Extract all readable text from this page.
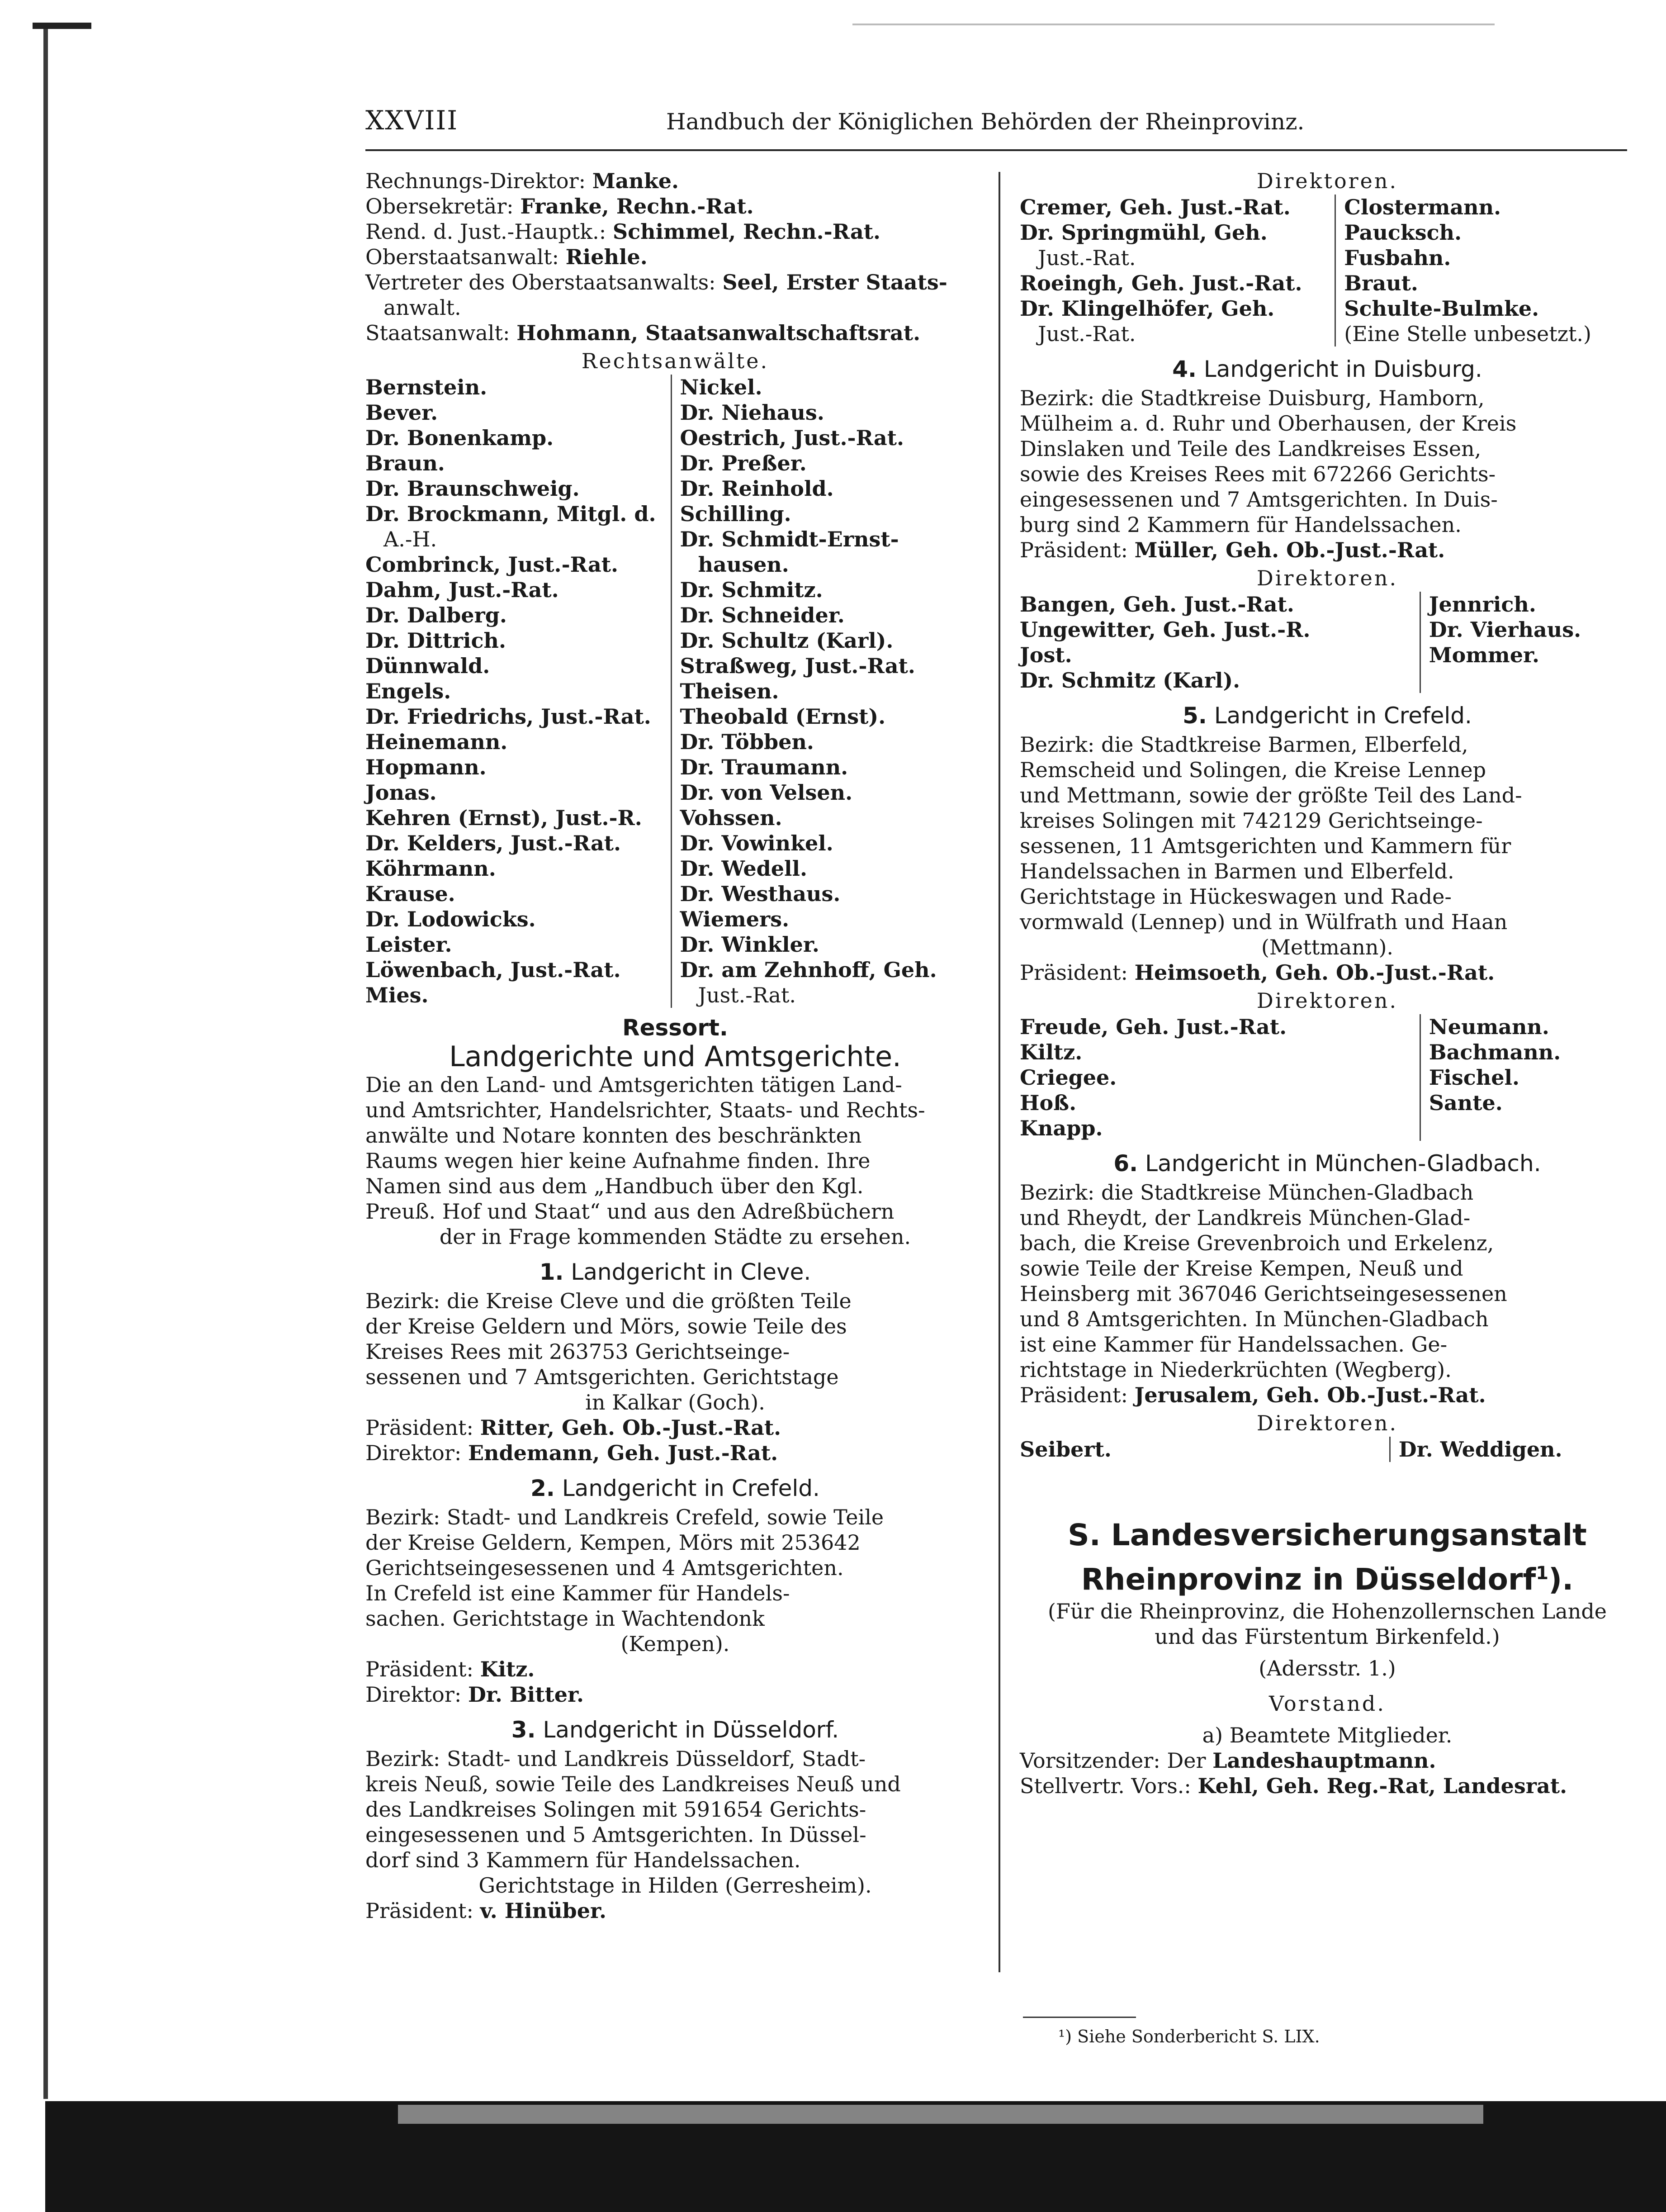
XXVIII	Handbuch der Königlichen Behörden der Rheinprovinz.
Rechnungs-Direktor: Manke.
Obersekretär: Franke, Rechn.-Rat.
Rend. d. Just.-Hauptk.: Schimmel, Rechn.-Rat.
Oberstaatsanwalt: Riehle.
Vertreter des Oberstaatsanwalts: Seel, Erster Staats-
anwalt.
Staatsanwalt: Hohmann, Staatsanwaltschaftsrat.
Rechtsanwälte.
Bernstein.
Bever.
Dr. Bonenkamp.
Braun.
Dr. Braunschweig.
Dr. Brockmann, Mitgl. d.
A.-H.
Combrinck, Just.-Rat.
Dahm, Just.-Rat.
Dr. Dalberg.
Dr. Dittrich.
Dünnwald.
Engels.
Dr. Friedrichs, Just.-Rat.
Heinemann.
Hopmann.
Jonas.
Kehren (Ernst), Just.-R.
Dr. Kelders, Just.-Rat.
Köhrmann.
Krause.
Dr. Lodowicks.
Leister.
Löwenbach, Just.-Rat.
Mies.
Nickel.
Dr. Niehaus.
Oestrich, Just.-Rat.
Dr. Preßer.
Dr. Reinhold.
Schilling.
Dr. Schmidt-Ernst-
hausen.
Dr. Schmitz.
Dr. Schneider.
Dr. Schultz (Karl).
Straßweg, Just.-Rat.
Theisen.
Theobald (Ernst).
Dr. Többen.
Dr. Traumann.
Dr. von Velsen.
Vohssen.
Dr. Vowinkel.
Dr. Wedell.
Dr. Westhaus.
Wiemers.
Dr. Winkler.
Dr. am Zehnhoff, Geh.
Just.-Rat.
Ressort.
Landgerichte und Amtsgerichte.
Die an den Land- und Amtsgerichten tätigen Land-
und Amtsrichter, Handelsrichter, Staats- und Rechts-
anwälte und Notare konnten des beschränkten
Raums wegen hier keine Aufnahme finden. Ihre
Namen sind aus dem „Handbuch über den Kgl.
Preuß. Hof und Staat“ und aus den Adreßbüchern
der in Frage kommenden Städte zu ersehen.
1. Landgericht in Cleve.
Bezirk: die Kreise Cleve und die größten Teile
der Kreise Geldern und Mörs, sowie Teile des
Kreises Rees mit 263753 Gerichtseinge-
sessenen und 7 Amtsgerichten. Gerichtstage
in Kalkar (Goch).
Präsident: Ritter, Geh. Ob.-Just.-Rat.
Direktor: Endemann, Geh. Just.-Rat.
2. Landgericht in Crefeld.
Bezirk: Stadt- und Landkreis Crefeld, sowie Teile
der Kreise Geldern, Kempen, Mörs mit 253642
Gerichtseingesessenen und 4 Amtsgerichten.
In Crefeld ist eine Kammer für Handels-
sachen. Gerichtstage in Wachtendonk
(Kempen).
Präsident: Kitz.
Direktor: Dr. Bitter.
3. Landgericht in Düsseldorf.
Bezirk: Stadt- und Landkreis Düsseldorf, Stadt-
kreis Neuß, sowie Teile des Landkreises Neuß und
des Landkreises Solingen mit 591654 Gerichts-
eingesessenen und 5 Amtsgerichten. In Düssel-
dorf sind 3 Kammern für Handelssachen.
Gerichtstage in Hilden (Gerresheim).
Präsident: v. Hinüber.
Direktoren.
Cremer, Geh. Just.-Rat.
Dr. Springmühl, Geh.
Just.-Rat.
Roeingh, Geh. Just.-Rat.
Dr. Klingelhöfer, Geh.
Just.-Rat.
Clostermann.
Paucksch.
Fusbahn.
Braut.
Schulte-Bulmke.
(Eine Stelle unbesetzt.)
4. Landgericht in Duisburg.
Bezirk: die Stadtkreise Duisburg, Hamborn,
Mülheim a. d. Ruhr und Oberhausen, der Kreis
Dinslaken und Teile des Landkreises Essen,
sowie des Kreises Rees mit 672266 Gerichts-
eingesessenen und 7 Amtsgerichten. In Duis-
burg sind 2 Kammern für Handelssachen.
Präsident: Müller, Geh. Ob.-Just.-Rat.
Direktoren.
Bangen, Geh. Just.-Rat.
Ungewitter, Geh. Just.-R.
Jost.
Dr. Schmitz (Karl).
Jennrich.
Dr. Vierhaus.
Mommer.
5. Landgericht in Crefeld.
Bezirk: die Stadtkreise Barmen, Elberfeld,
Remscheid und Solingen, die Kreise Lennep
und Mettmann, sowie der größte Teil des Land-
kreises Solingen mit 742129 Gerichtseinge-
sessenen, 11 Amtsgerichten und Kammern für
Handelssachen in Barmen und Elberfeld.
Gerichtstage in Hückeswagen und Rade-
vormwald (Lennep) und in Wülfrath und Haan
(Mettmann).
Präsident: Heimsoeth, Geh. Ob.-Just.-Rat.
Direktoren.
Freude, Geh. Just.-Rat.
Kiltz.
Criegee.
Hoß.
Knapp.
Neumann.
Bachmann.
Fischel.
Sante.
6. Landgericht in München-Gladbach.
Bezirk: die Stadtkreise München-Gladbach
und Rheydt, der Landkreis München-Glad-
bach, die Kreise Grevenbroich und Erkelenz,
sowie Teile der Kreise Kempen, Neuß und
Heinsberg mit 367046 Gerichtseingesessenen
und 8 Amtsgerichten. In München-Gladbach
ist eine Kammer für Handelssachen. Ge-
richtstage in Niederkrüchten (Wegberg).
Präsident: Jerusalem, Geh. Ob.-Just.-Rat.
Direktoren.
Seibert.	Dr. Weddigen.
S. Landesversicherungsanstalt
Rheinprovinz in Düsseldorf$^1$).
(Für die Rheinprovinz, die Hohenzollernschen Lande
und das Fürstentum Birkenfeld.)
(Adersstr. 1.)
Vorstand.
a) Beamtete Mitglieder.
Vorsitzender: Der Landeshauptmann.
Stellvertr. Vors.: Kehl, Geh. Reg.-Rat, Landesrat.
¹) Siehe Sonderbericht S. LIX.
